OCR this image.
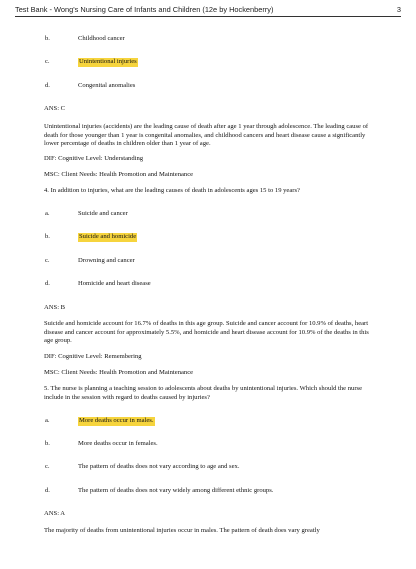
Test Bank - Wong's Nursing Care of Infants and Children (12e by Hockenberry)	3
b.	Childhood cancer
c.	Unintentional injuries
d.	Congenital anomalies
ANS: C
Unintentional injuries (accidents) are the leading cause of death after age 1 year through adolescence. The leading cause of death for those younger than 1 year is congenital anomalies, and childhood cancers and heart disease cause a significantly lower percentage of deaths in children older than 1 year of age.
DIF: Cognitive Level: Understanding
MSC: Client Needs: Health Promotion and Maintenance
4. In addition to injuries, what are the leading causes of death in adolescents ages 15 to 19 years?
a.	Suicide and cancer
b.	Suicide and homicide
c.	Drowning and cancer
d.	Homicide and heart disease
ANS: B
Suicide and homicide account for 16.7% of deaths in this age group. Suicide and cancer account for 10.9% of deaths, heart disease and cancer account for approximately 5.5%, and homicide and heart disease account for 10.9% of the deaths in this age group.
DIF: Cognitive Level: Remembering
MSC: Client Needs: Health Promotion and Maintenance
5. The nurse is planning a teaching session to adolescents about deaths by unintentional injuries. Which should the nurse include in the session with regard to deaths caused by injuries?
a.	More deaths occur in males.
b.	More deaths occur in females.
c.	The pattern of deaths does not vary according to age and sex.
d.	The pattern of deaths does not vary widely among different ethnic groups.
ANS: A
The majority of deaths from unintentional injuries occur in males. The pattern of death does vary greatly
